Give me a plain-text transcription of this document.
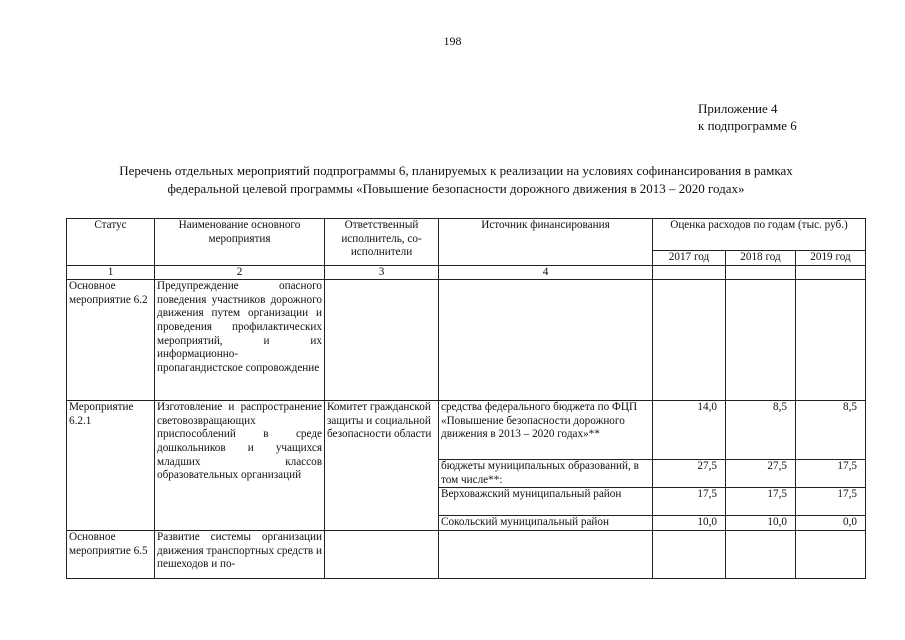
198
Приложение 4
к подпрограмме 6
Перечень отдельных мероприятий подпрограммы 6, планируемых к реализации на условиях софинансирования в рамках
федеральной целевой программы «Повышение безопасности дорожного движения в 2013 – 2020 годах»
Статус	Наименование основного мероприятия	Ответственный исполнитель, со-исполнители	Источник финансирования	Оценка расходов по годам (тыс. руб.)		
				2017 год	2018 год	2019 год
1	2	3	4			
Основное мероприятие 6.2	Предупреждение опасного поведения участников дорожного движения путем организации и проведения профилактических мероприятий, и их информационно-пропагандистское сопровождение					
Мероприятие 6.2.1	Изготовление и распространение световозвращающих приспособлений в среде дошкольников и учащихся младших классов образовательных организаций	Комитет гражданской защиты и социальной безопасности области	средства федерального бюджета по ФЦП «Повышение безопасности дорожного движения в 2013 – 2020 годах»**	14,0	8,5	8,5
			бюджеты муниципальных образований, в том числе**:	27,5	27,5	17,5
			Верховажский муниципальный район	17,5	17,5	17,5
			Сокольский муниципальный район	10,0	10,0	0,0
Основное мероприятие 6.5	Развитие системы организации движения транспортных средств и пешеходов и по-					
